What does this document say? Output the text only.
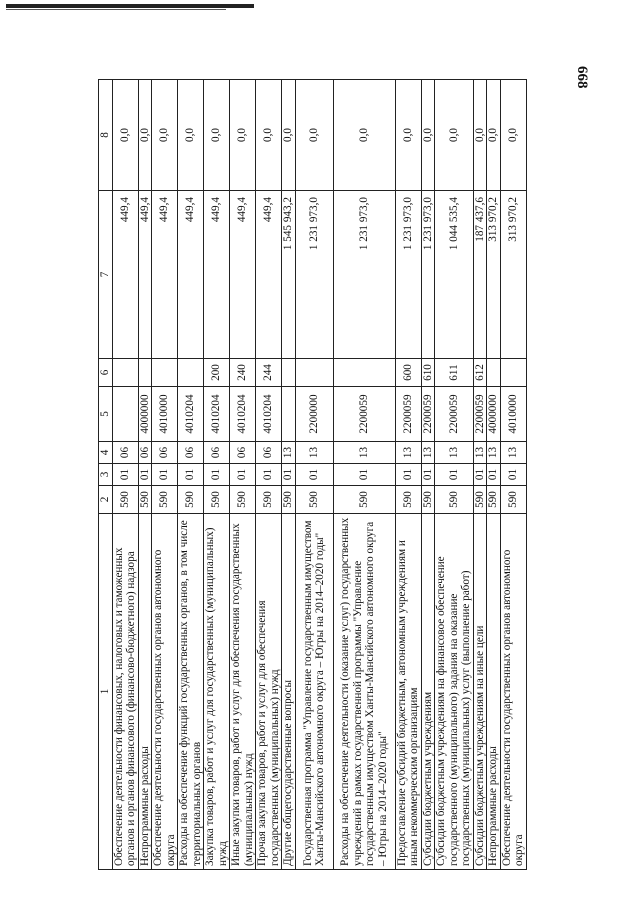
668
1	2	3	4	5	6	7	8
Обеспечение деятельности финансовых, налоговых и таможенных органов и органов финансового (финансово-бюджетного) надзора	590	01	06			449,4	0,0
Непрограммные расходы	590	01	06	4000000		449,4	0,0
Обеспечение деятельности государственных органов автономного округа	590	01	06	4010000		449,4	0,0
Расходы на обеспечение функций государственных органов, в том числе территориальных органов	590	01	06	4010204		449,4	0,0
Закупка товаров, работ и услуг для государственных (муниципальных) нужд	590	01	06	4010204	200	449,4	0,0
Иные закупки товаров, работ и услуг для обеспечения государственных (муниципальных) нужд	590	01	06	4010204	240	449,4	0,0
Прочая закупка товаров, работ и услуг для обеспечения государственных (муниципальных) нужд	590	01	06	4010204	244	449,4	0,0
Другие общегосударственные вопросы	590	01	13			1 545 943,2	0,0
Государственная программа "Управление государственным имуществом Ханты-Мансийского автономного округа – Югры на 2014–2020 годы"	590	01	13	2200000		1 231 973,0	0,0
Расходы на обеспечение деятельности (оказание услуг) государственных учреждений в рамках государственной программы "Управление государственным имуществом Ханты-Мансийского автономного округа – Югры на 2014–2020 годы"	590	01	13	2200059		1 231 973,0	0,0
Предоставление субсидий бюджетным, автономным учреждениям и иным некоммерческим организациям	590	01	13	2200059	600	1 231 973,0	0,0
Субсидии бюджетным учреждениям	590	01	13	2200059	610	1 231 973,0	0,0
Субсидии бюджетным учреждениям на финансовое обеспечение государственного (муниципального) задания на оказание государственных (муниципальных) услуг (выполнение работ)	590	01	13	2200059	611	1 044 535,4	0,0
Субсидии бюджетным учреждениям на иные цели	590	01	13	2200059	612	187 437,6	0,0
Непрограммные расходы	590	01	13	4000000		313 970,2	0,0
Обеспечение деятельности государственных органов автономного округа	590	01	13	4010000		313 970,2	0,0
